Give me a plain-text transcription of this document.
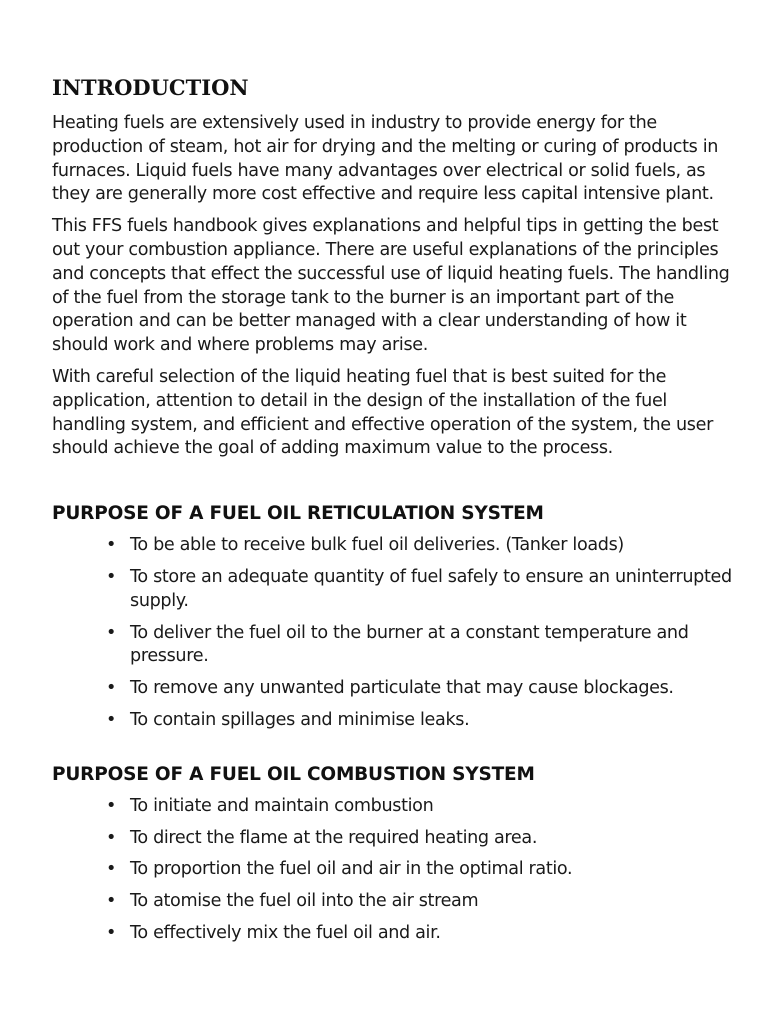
INTRODUCTION

Heating fuels are extensively used in industry to provide energy for the production of steam, hot air for drying and the melting or curing of products in furnaces. Liquid fuels have many advantages over electrical or solid fuels, as they are generally more cost effective and require less capital intensive plant.

This FFS fuels handbook gives explanations and helpful tips in getting the best out your combustion appliance. There are useful explanations of the principles and concepts that effect the successful use of liquid heating fuels. The handling of the fuel from the storage tank to the burner is an important part of the operation and can be better managed with a clear understanding of how it should work and where problems may arise.

With careful selection of the liquid heating fuel that is best suited for the application, attention to detail in the design of the installation of the fuel handling system, and efficient and effective operation of the system, the user should achieve the goal of adding maximum value to the process.

PURPOSE OF A FUEL OIL RETICULATION SYSTEM
• To be able to receive bulk fuel oil deliveries. (Tanker loads)
• To store an adequate quantity of fuel safely to ensure an uninterrupted supply.
• To deliver the fuel oil to the burner at a constant temperature and pressure.
• To remove any unwanted particulate that may cause blockages.
• To contain spillages and minimise leaks.
PURPOSE OF A FUEL OIL COMBUSTION SYSTEM
• To initiate and maintain combustion
• To direct the flame at the required heating area.
• To proportion the fuel oil and air in the optimal ratio.
• To atomise the fuel oil into the air stream
• To effectively mix the fuel oil and air.
